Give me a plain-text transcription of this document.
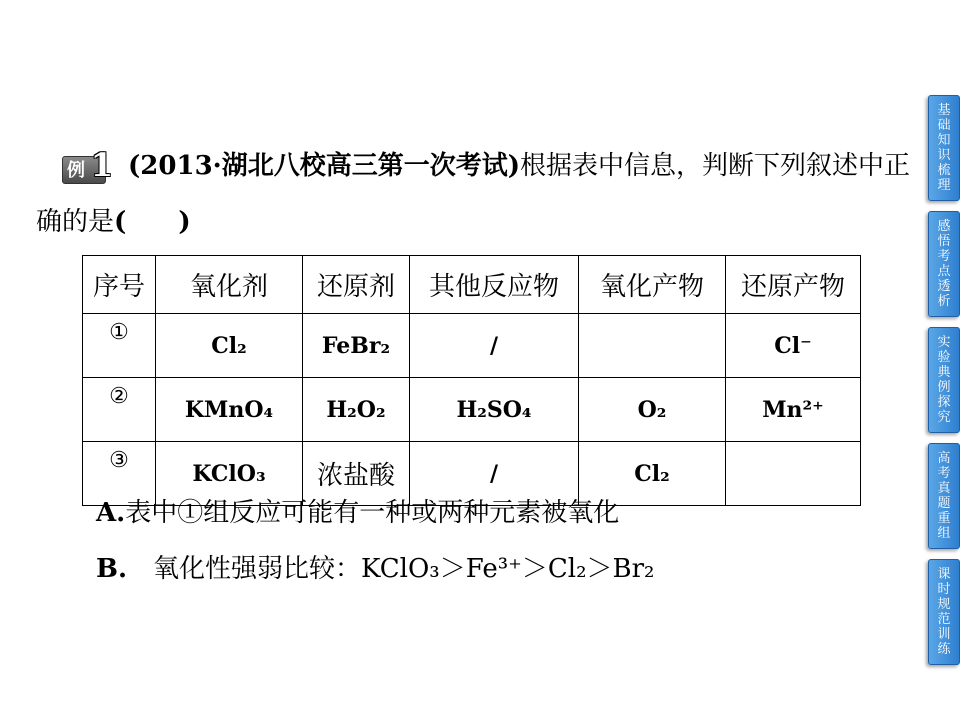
例 1 (2013·湖北八校高三第一次考试)根据表中信息，判断下列叙述中正确的是(　　)
序号	氧化剂	还原剂	其他反应物	氧化产物	还原产物
①	Cl₂	FeBr₂	/		Cl⁻
②	KMnO₄	H₂O₂	H₂SO₄	O₂	Mn²⁺
③	KClO₃	浓盐酸	/	Cl₂	
A.表中①组反应可能有一种或两种元素被氧化
B.　 氧化性强弱比较：KClO₃＞Fe³⁺＞Cl₂＞Br₂
基
础
知
识
梳
理
感
悟
考
点
透
析
实
验
典
例
探
究
高
考
真
题
重
组
课
时
规
范
训
练
